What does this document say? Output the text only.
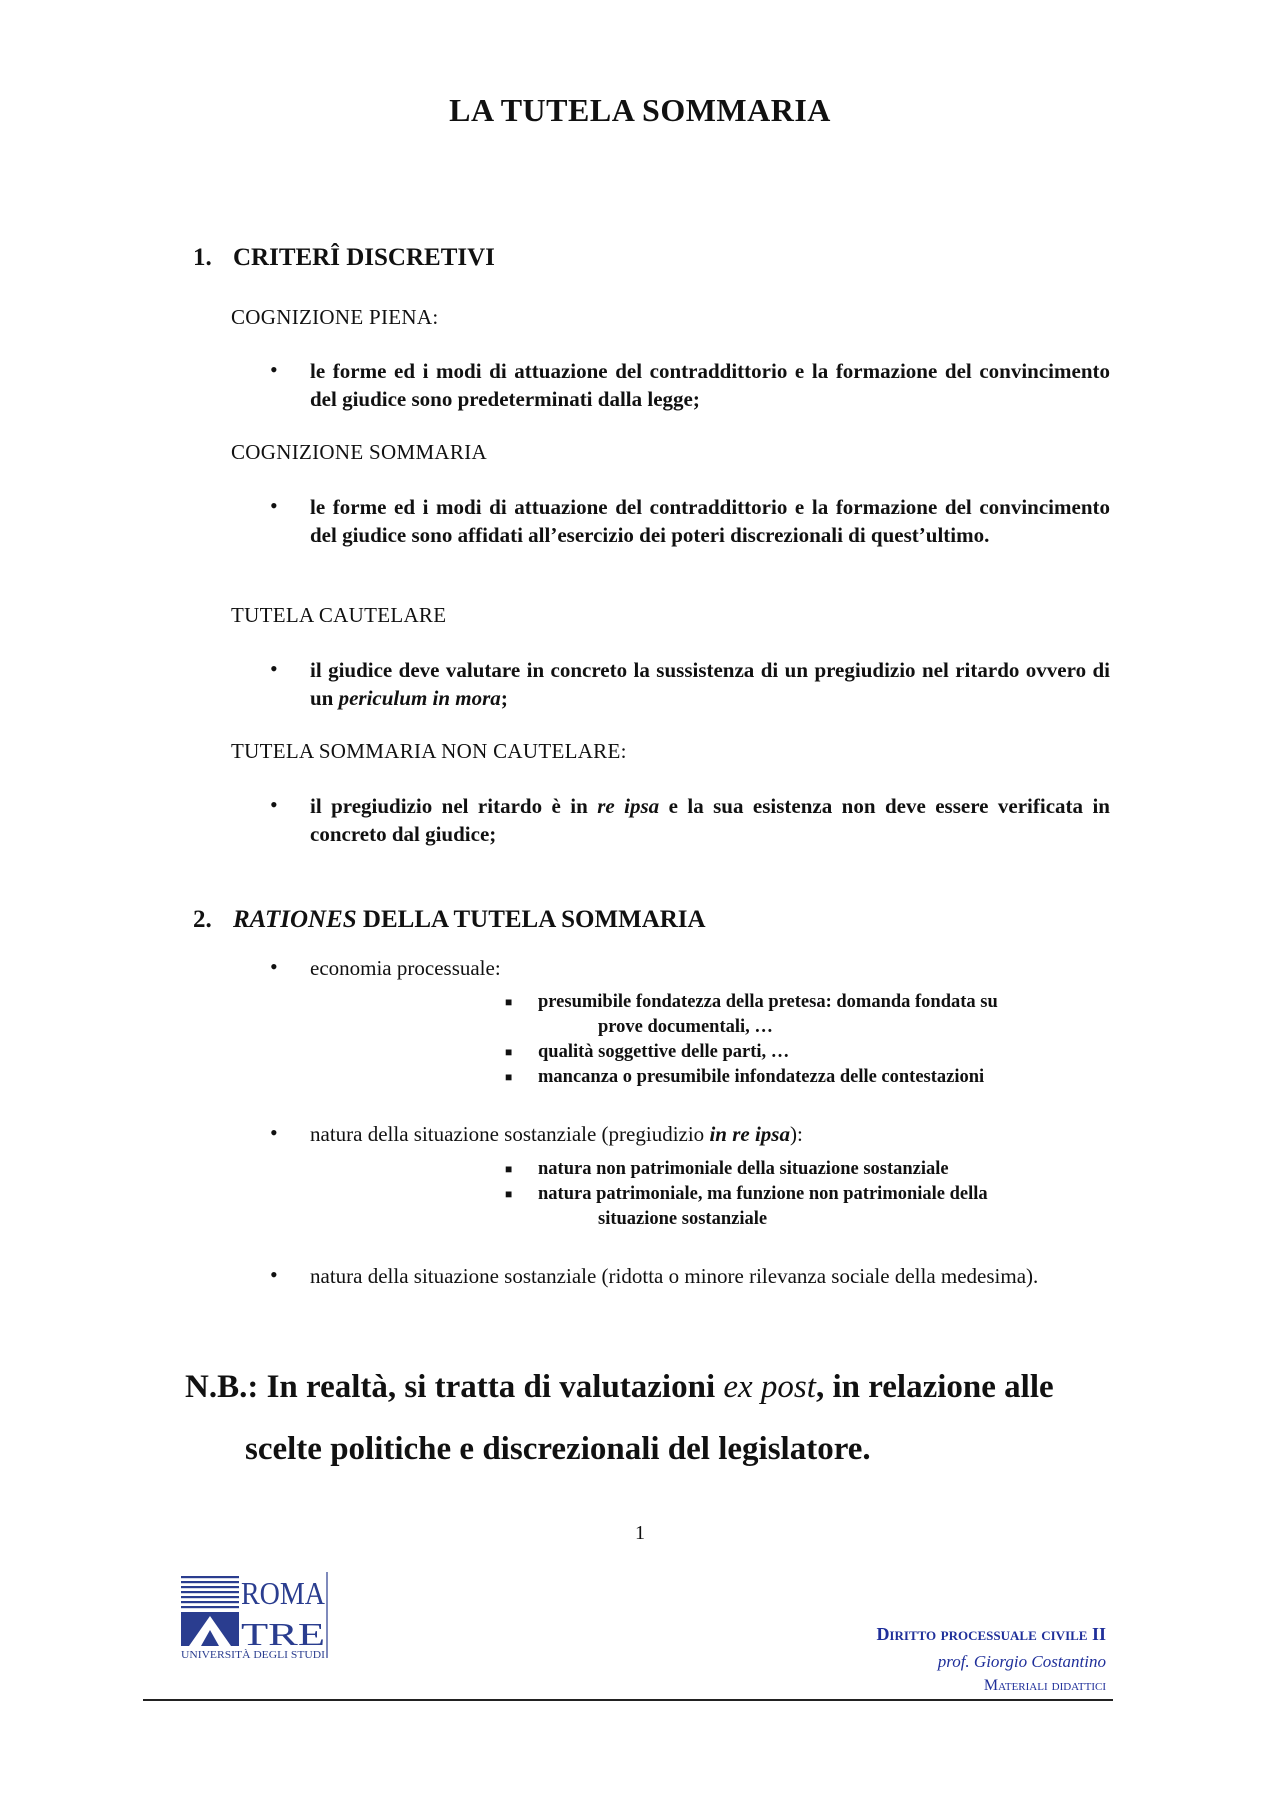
LA TUTELA SOMMARIA
1. CRITERÎ DISCRETIVI
COGNIZIONE PIENA:
• le forme ed i modi di attuazione del contraddittorio e la formazione del convincimento del giudice sono predeterminati dalla legge;
COGNIZIONE SOMMARIA
• le forme ed i modi di attuazione del contraddittorio e la formazione del convincimento del giudice sono affidati all’esercizio dei poteri discrezionali di quest’ultimo.
TUTELA CAUTELARE
• il giudice deve valutare in concreto la sussistenza di un pregiudizio nel ritardo ovvero di un periculum in mora;
TUTELA SOMMARIA NON CAUTELARE:
• il pregiudizio nel ritardo è in re ipsa e la sua esistenza non deve essere verificata in concreto dal giudice;
2. RATIONES DELLA TUTELA SOMMARIA
• economia processuale:
■ presumibile fondatezza della pretesa: domanda fondata su
prove documentali, …
■ qualità soggettive delle parti, …
■ mancanza o presumibile infondatezza delle contestazioni
• natura della situazione sostanziale (pregiudizio in re ipsa):
■ natura non patrimoniale della situazione sostanziale
■ natura patrimoniale, ma funzione non patrimoniale della
situazione sostanziale
• natura della situazione sostanziale (ridotta o minore rilevanza sociale della medesima).
N.B.: In realtà, si tratta di valutazioni ex post, in relazione alle
scelte politiche e discrezionali del legislatore.
1
ROMA
TRE
UNIVERSITÀ DEGLI STUDI
Diritto processuale civile II
prof. Giorgio Costantino
Materiali didattici
